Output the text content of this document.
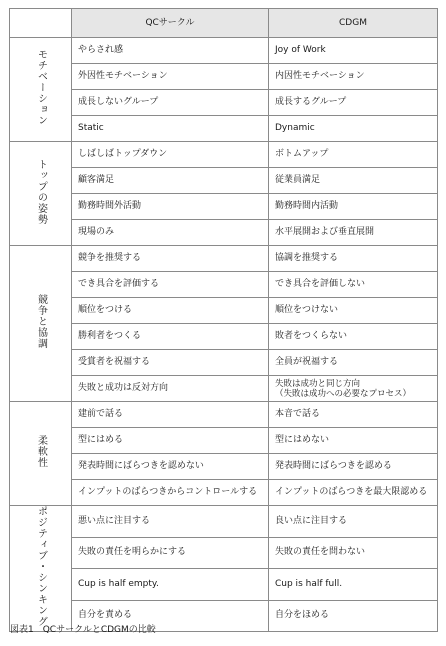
	QCサークル	CDGM
モチベーション	やらされ感	Joy of Work
	外因性モチベーション	内因性モチベーション
	成長しないグループ	成長するグループ
	Static	Dynamic
トップの姿勢	しばしばトップダウン	ボトムアップ
	顧客満足	従業員満足
	勤務時間外活動	勤務時間内活動
	現場のみ	水平展開および垂直展開
競争と協調	競争を推奨する	協調を推奨する
	でき具合を評価する	でき具合を評価しない
	順位をつける	順位をつけない
	勝利者をつくる	敗者をつくらない
	受賞者を祝福する	全員が祝福する
	失敗と成功は反対方向	失敗は成功と同じ方向
（失敗は成功への必要なプロセス）

柔軟性	建前で話る	本音で話る
	型にはめる	型にはめない
	発表時間にばらつきを認めない	発表時間にばらつきを認める
	インプットのばらつきからコントロールする	インプットのばらつきを最大限認める
ポジティブ・シンキング	悪い点に注目する	良い点に注目する
	失敗の責任を明らかにする	失敗の責任を問わない
	Cup is half empty.	Cup is half full.
	自分を責める	自分をほめる
図表1　QCサークルとCDGMの比較
